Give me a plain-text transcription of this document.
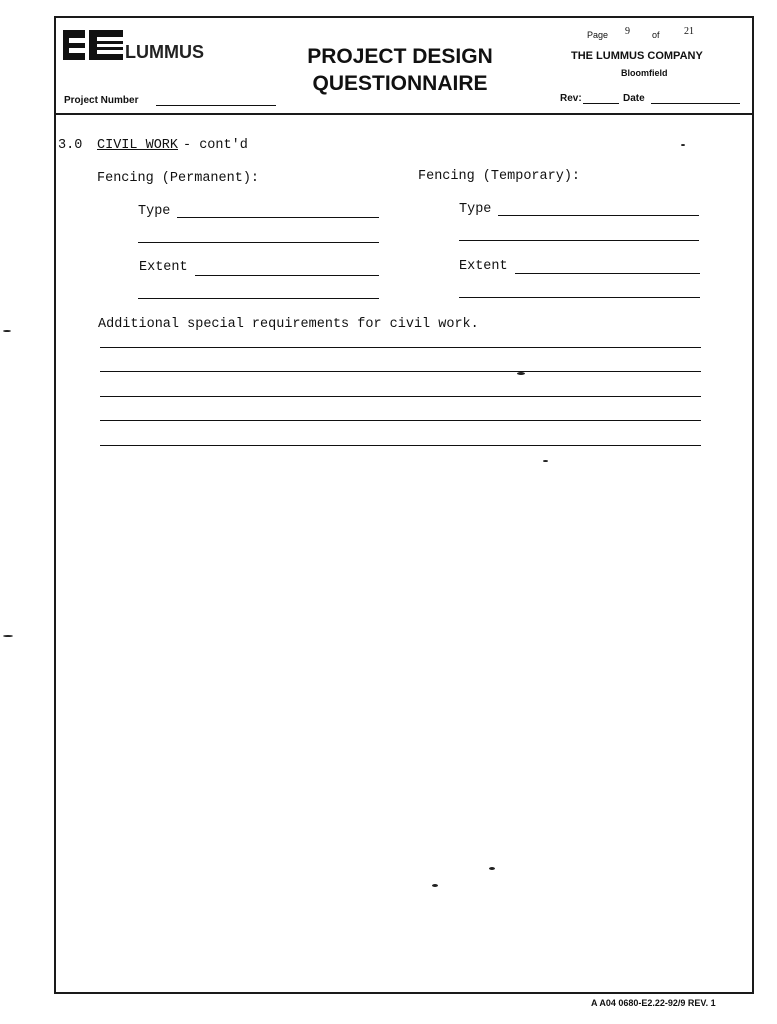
LUMMUS
Project Number
PROJECT DESIGN
QUESTIONNAIRE
Page 9 of 21
THE LUMMUS COMPANY
Bloomfield
Rev:	Date
3.0 CIVIL WORK - cont'd
Fencing (Permanent):	Fencing (Temporary):
Type	Type
Extent	Extent
Additional special requirements for civil work.
A A04 0680-E2.22-92/9 REV. 1
